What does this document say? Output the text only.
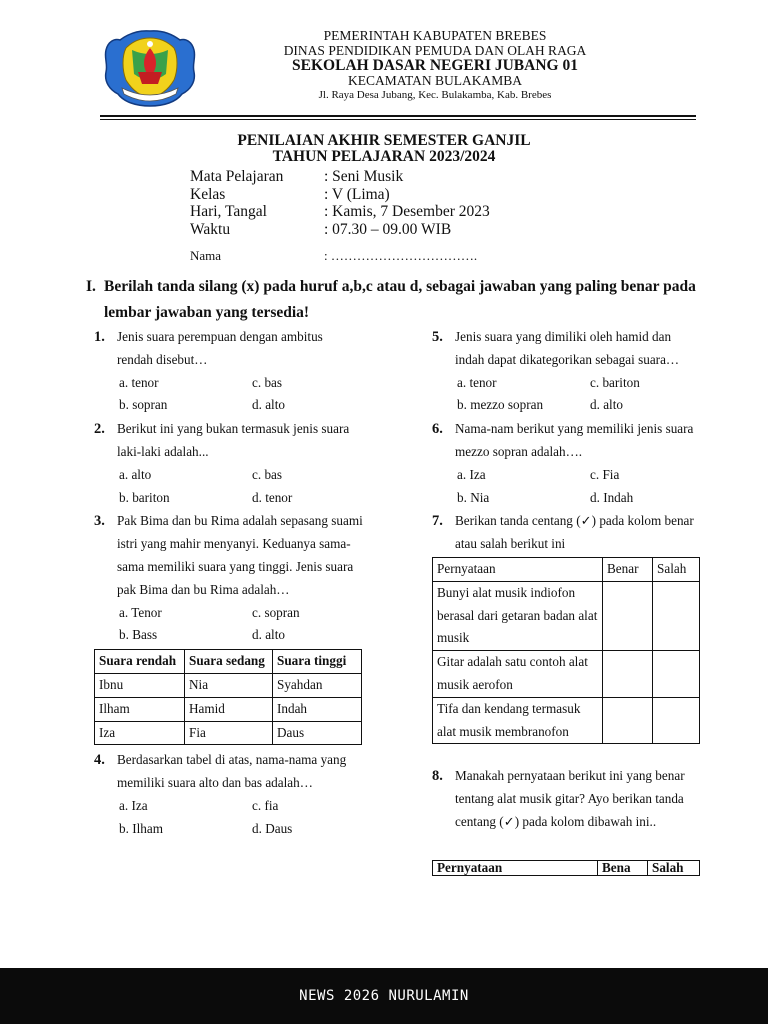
PEMERINTAH KABUPATEN BREBES
DINAS PENDIDIKAN PEMUDA DAN OLAH RAGA
SEKOLAH DASAR NEGERI JUBANG 01
KECAMATAN BULAKAMBA
Jl. Raya Desa Jubang, Kec. Bulakamba, Kab. Brebes
PENILAIAN AKHIR SEMESTER GANJIL
TAHUN PELAJARAN 2023/2024
Mata Pelajaran	: Seni Musik
Kelas	: V (Lima)
Hari, Tangal	: Kamis, 7 Desember 2023
Waktu	: 07.30 – 09.00 WIB
Nama	: …………………………….
I. Berilah tanda silang (x) pada huruf a,b,c atau d, sebagai jawaban yang paling benar pada lembar jawaban yang tersedia!
1. Jenis suara perempuan dengan ambitus rendah disebut…
a. tenor	c. bas
b. sopran	d. alto
2. Berikut ini yang bukan termasuk jenis suara laki-laki adalah...
a. alto	c. bas
b. bariton	d. tenor
3. Pak Bima dan bu Rima adalah sepasang suami istri yang mahir menyanyi. Keduanya sama-sama memiliki suara yang tinggi. Jenis suara pak Bima dan bu Rima adalah…
a. Tenor	c. sopran
b. Bass	d. alto
Suara rendah	Suara sedang	Suara tinggi
Ibnu	Nia	Syahdan
Ilham	Hamid	Indah
Iza	Fia	Daus
4. Berdasarkan tabel di atas, nama-nama yang memiliki suara alto dan bas adalah…
a. Iza	c. fia
b. Ilham	d. Daus
5. Jenis suara yang dimiliki oleh hamid dan indah dapat dikategorikan sebagai suara…
a. tenor	c. bariton
b. mezzo sopran	d. alto
6. Nama-nam berikut yang memiliki jenis suara mezzo sopran adalah….
a. Iza	c. Fia
b. Nia	d. Indah
7. Berikan tanda centang (✓) pada kolom benar atau salah berikut ini
Pernyataan	Benar	Salah
Bunyi alat musik indiofon berasal dari getaran badan alat musik		
Gitar adalah satu contoh alat musik aerofon		
Tifa dan kendang termasuk alat musik membranofon		
8. Manakah pernyataan berikut ini yang benar tentang alat musik gitar? Ayo berikan tanda centang (✓) pada kolom dibawah ini..
Pernyataan	Bena	Salah
NEWS 2026 NURULAMIN
